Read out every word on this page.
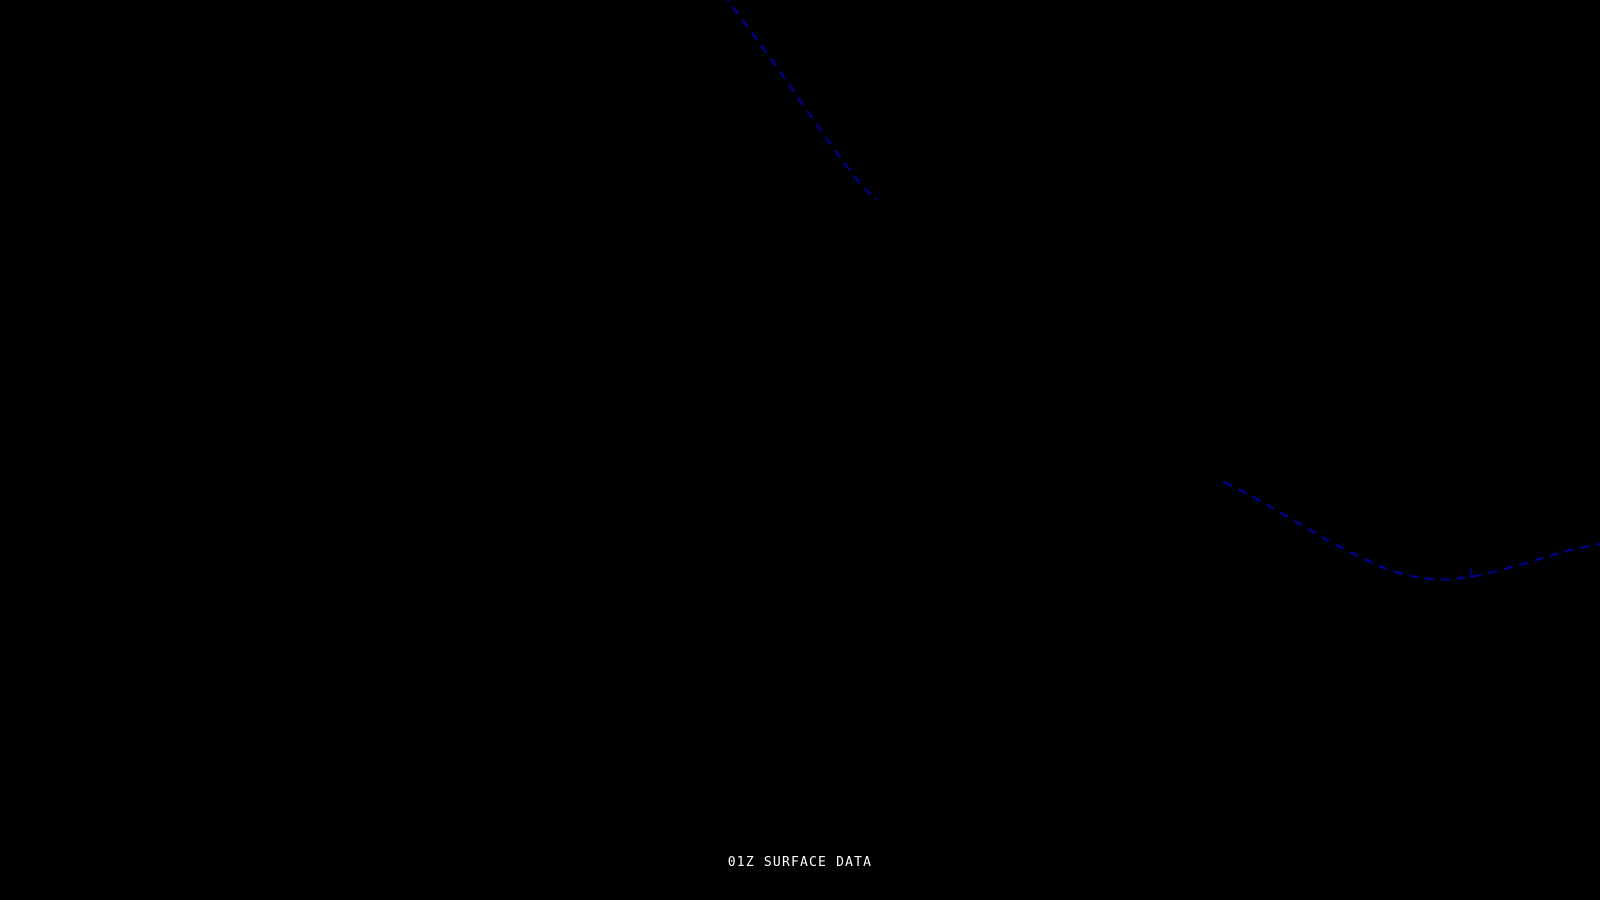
01Z SURFACE DATA
